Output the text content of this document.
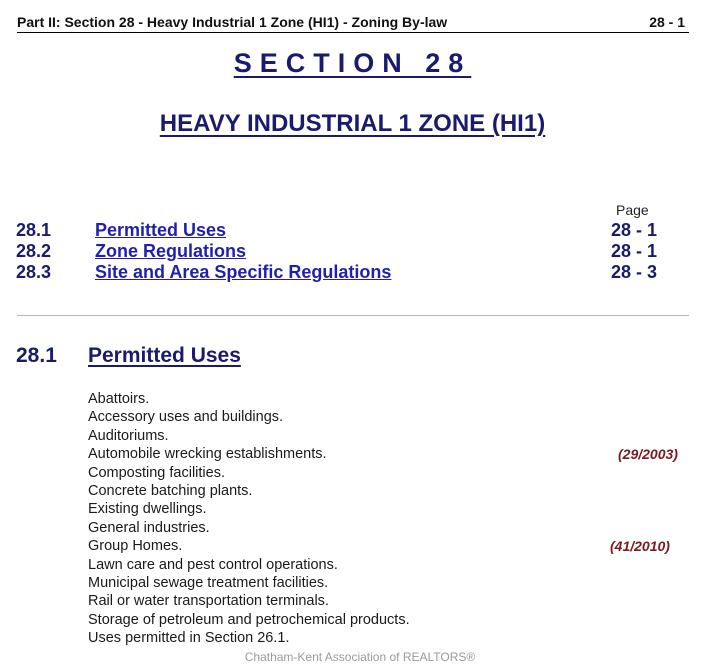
Part II: Section 28 - Heavy Industrial 1 Zone (HI1) - Zoning By-law	28 - 1
SECTION 28
HEAVY INDUSTRIAL 1 ZONE (HI1)
Page
28.1 Permitted Uses	28 - 1
28.2 Zone Regulations	28 - 1
28.3 Site and Area Specific Regulations	28 - 3
28.1 Permitted Uses
Abattoirs.
Accessory uses and buildings.
Auditoriums.
Automobile wrecking establishments.	(29/2003)
Composting facilities.
Concrete batching plants.
Existing dwellings.
General industries.
Group Homes.	(41/2010)
Lawn care and pest control operations.
Municipal sewage treatment facilities.
Rail or water transportation terminals.
Storage of petroleum and petrochemical products.
Uses permitted in Section 26.1.
Chatham-Kent Association of REALTORS®
